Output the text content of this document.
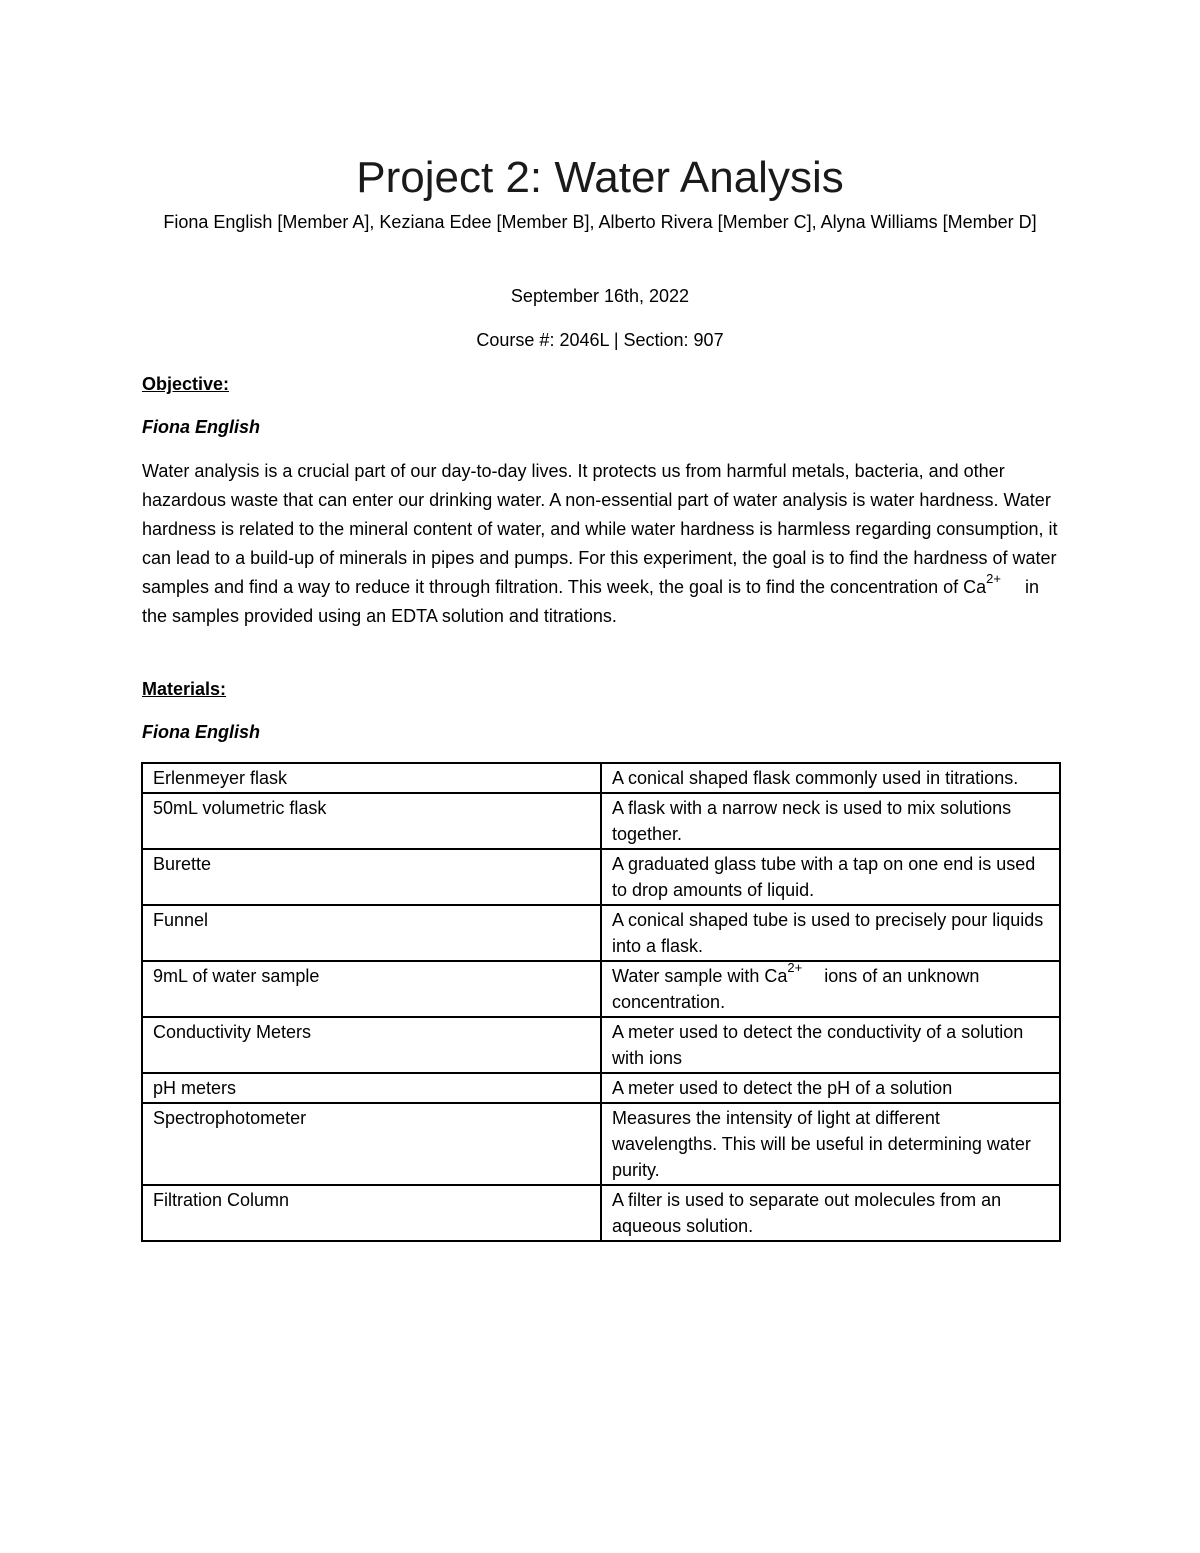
Project 2: Water Analysis
Fiona English [Member A], Keziana Edee [Member B], Alberto Rivera [Member C], Alyna Williams [Member D]
September 16th, 2022
Course #: 2046L | Section: 907
Objective:
Fiona English
Water analysis is a crucial part of our day-to-day lives. It protects us from harmful metals, bacteria, and other hazardous waste that can enter our drinking water. A non-essential part of water analysis is water hardness. Water hardness is related to the mineral content of water, and while water hardness is harmless regarding consumption, it can lead to a build-up of minerals in pipes and pumps. For this experiment, the goal is to find the hardness of water samples and find a way to reduce it through filtration. This week, the goal is to find the concentration of $Ca^{2+}$ in the samples provided using an EDTA solution and titrations.
Materials:
Fiona English
Erlenmeyer flask	A conical shaped flask commonly used in titrations.
50mL volumetric flask	A flask with a narrow neck is used to mix solutions together.
Burette	A graduated glass tube with a tap on one end is used to drop amounts of liquid.
Funnel	A conical shaped tube is used to precisely pour liquids into a flask.
9mL of water sample	Water sample with $Ca^{2+}$ ions of an unknown concentration.
Conductivity Meters	A meter used to detect the conductivity of a solution with ions
pH meters	A meter used to detect the pH of a solution
Spectrophotometer	Measures the intensity of light at different wavelengths. This will be useful in determining water purity.
Filtration Column	A filter is used to separate out molecules from an aqueous solution.
